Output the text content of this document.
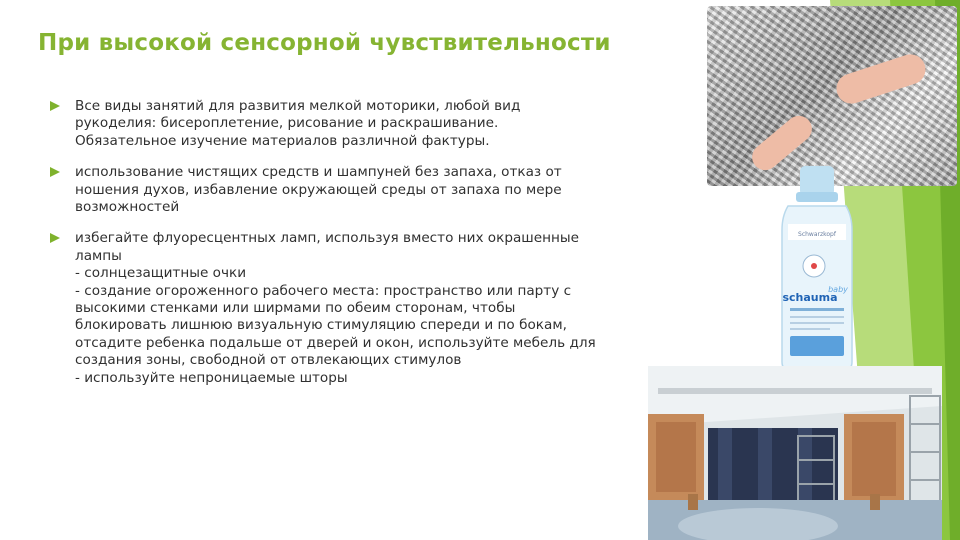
При высокой сенсорной чувствительности
Все виды занятий для развития мелкой моторики, любой вид
рукоделия: бисероплетение, рисование и раскрашивание.
Обязательное изучение материалов различной фактуры.
использование чистящих средств и шампуней без запаха, отказ от
ношения духов, избавление окружающей среды от запаха по мере
возможностей
избегайте флуоресцентных ламп, используя вместо них окрашенные
лампы
- солнцезащитные очки
- создание огороженного рабочего места: пространство или парту с
высокими стенками или ширмами по обеим сторонам, чтобы
блокировать лишнюю визуальную стимуляцию спереди и по бокам,
отсадите ребенка подальше от дверей и окон, используйте мебель для
создания зоны, свободной от отвлекающих стимулов
- используйте непроницаемые шторы
Schwarzkopf
schauma
baby
